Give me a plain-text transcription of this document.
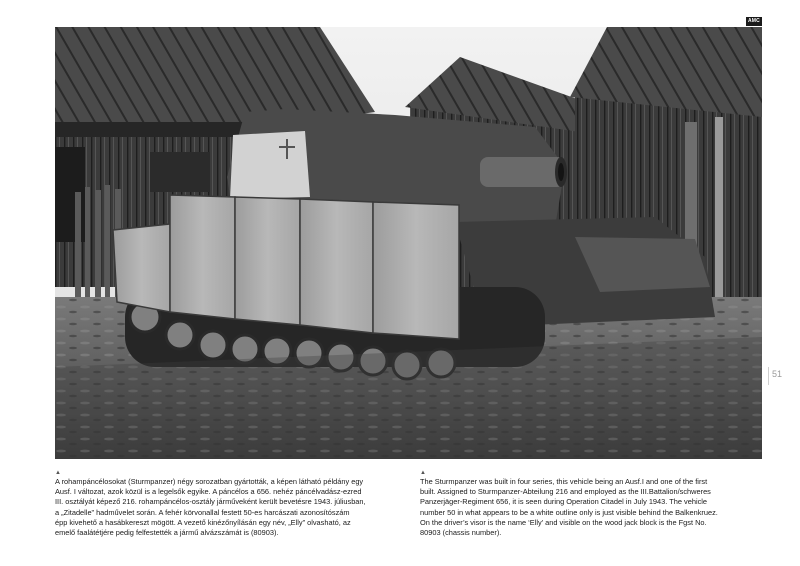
AMC
51
▲
A rohampáncélosokat (Sturmpanzer) négy sorozatban gyártották, a képen látható példány egy
Ausf. I változat, azok közül is a legelsők egyike. A páncélos a 656. nehéz páncélvadász-ezred
III. osztályát képező 216. rohampáncélos-osztály járműveként került bevetésre 1943. júliusban,
a „Zitadelle” hadművelet során. A fehér körvonallal festett 50-es harcászati azonosítószám
épp kivehető a hasábkereszt mögött. A vezető kinézőnyílásán egy név, „Elly” olvasható, az
emelő faalátétjére pedig felfestették a jármű alvázszámát is (80903).
▲
The Sturmpanzer was built in four series, this vehicle being an Ausf.I and one of the first
built. Assigned to Sturmpanzer-Abteilung 216 and employed as the III.Battalion/schweres
Panzerjäger-Regiment 656, it is seen during Operation Citadel in July 1943. The vehicle
number 50 in what appears to be a white outline only is just visible behind the Balkenkruez.
On the driver’s visor is the name ‘Elly’ and visible on the wood jack block is the Fgst No.
80903 (chassis number).
